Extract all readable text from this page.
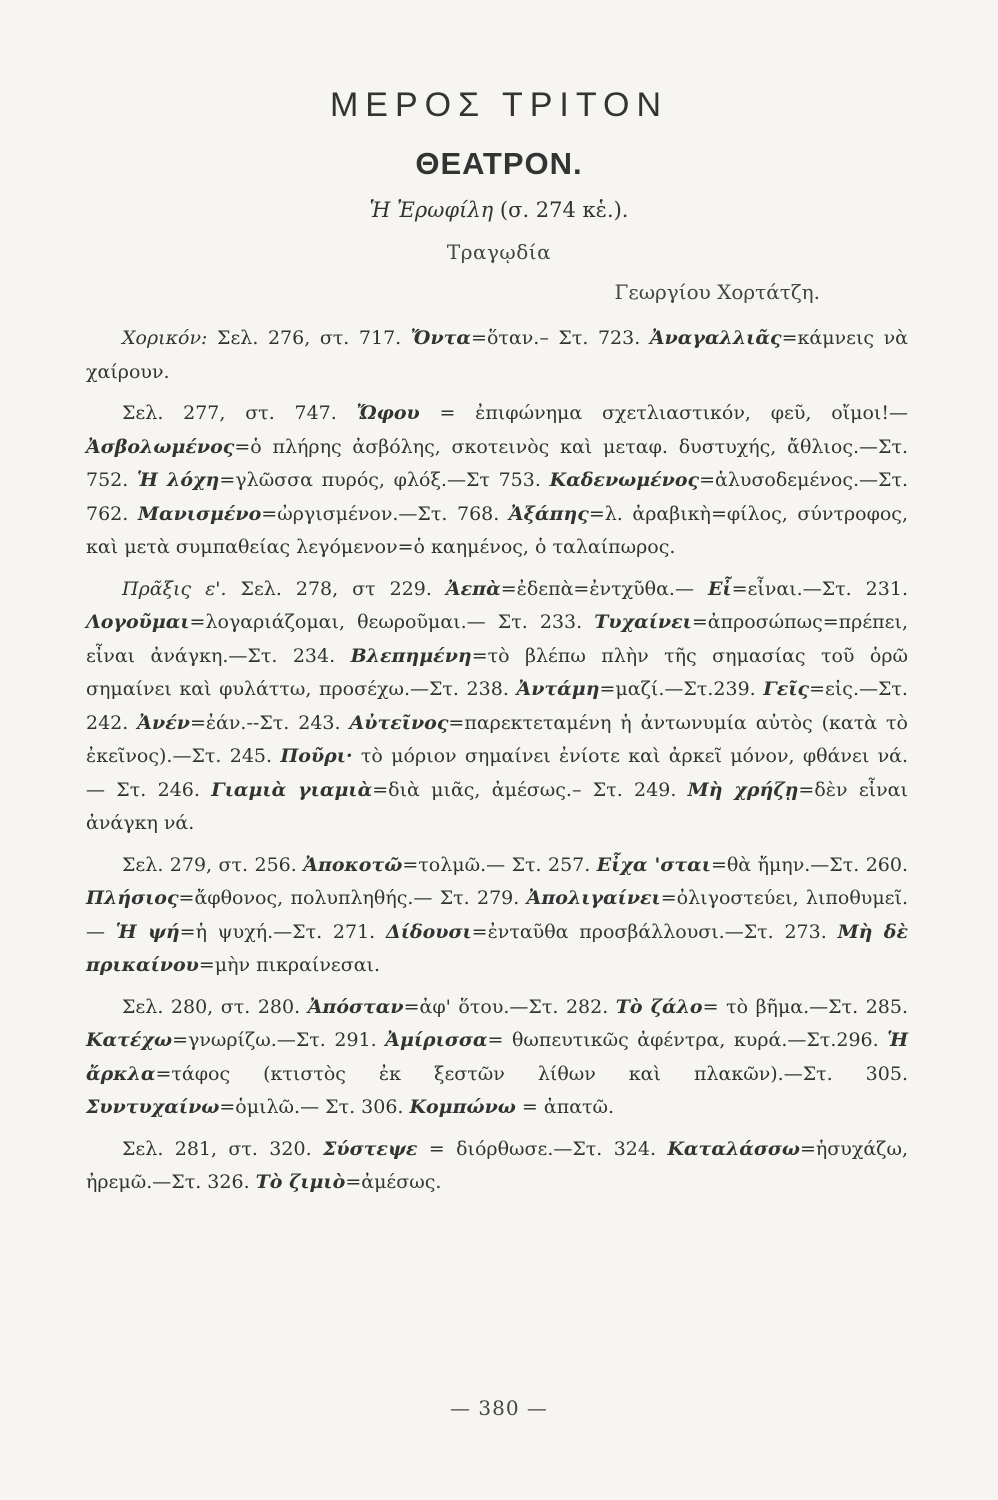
ΜΕΡΟΣ ΤΡΙΤΟΝ
ΘΕΑΤΡΟΝ.
Ἡ Ἐρωφίλη (σ. 274 κἑ.).
Τραγῳδία
Γεωργίου Χορτάτζη.

Χορικόν: Σελ. 276, στ. 717. Ὄντα=ὅταν.– Στ. 723. Ἀναγαλλιᾶς=κάμνεις νὰ χαίρουν.

Σελ. 277, στ. 747. Ὤφου = ἐπιφώνημα σχετλιαστικόν, φεῦ, οἴμοι!— Ἀσβολωμένος=ὁ πλήρης ἀσβόλης, σκοτεινὸς καὶ μεταφ. δυστυχής, ἄθλιος.—Στ. 752. Ἡ λόχη=γλῶσσα πυρός, φλόξ.—Στ 753. Καδενωμένος=ἁλυσοδεμένος.—Στ. 762. Μανισμένο=ὠργισμένον.—Στ. 768. Ἀξάπης=λ. ἀραβικὴ=φίλος, σύντροφος, καὶ μετὰ συμπαθείας λεγόμενον=ὁ καημένος, ὁ ταλαίπωρος.

Πρᾶξις ε'. Σελ. 278, στ 229. Ἀεπὰ=ἐδεπὰ=ἐντχῦθα.— Εἶ=εἶναι.—Στ. 231. Λογοῦμαι=λογαριάζομαι, θεωροῦμαι.— Στ. 233. Τυχαίνει=ἀπροσώπως=πρέπει, εἶναι ἀνάγκη.—Στ. 234. Βλεπημένη=τὸ βλέπω πλὴν τῆς σημασίας τοῦ ὁρῶ σημαίνει καὶ φυλάττω, προσέχω.—Στ. 238. Ἀντάμη=μαζί.—Στ.239. Γεῖς=εἰς.—Στ. 242. Ἀνέν=ἐάν.--Στ. 243. Αὐτεῖνος=παρεκτεταμένη ἡ ἀντωνυμία αὐτὸς (κατὰ τὸ ἐκεῖνος).—Στ. 245. Ποῦρι· τὸ μόριον σημαίνει ἐνίοτε καὶ ἀρκεῖ μόνον, φθάνει νά. — Στ. 246. Γιαμιὰ γιαμιὰ=διὰ μιᾶς, ἀμέσως.– Στ. 249. Μὴ χρήζῃ=δὲν εἶναι ἀνάγκη νά.

Σελ. 279, στ. 256. Ἀποκοτῶ=τολμῶ.— Στ. 257. Εἶχα 'σται=θὰ ἤμην.—Στ. 260. Πλήσιος=ἄφθονος, πολυπληθής.— Στ. 279. Ἀπολιγαίνει=ὀλιγοστεύει, λιποθυμεῖ.— Ἡ ψή=ἡ ψυχή.—Στ. 271. Δίδουσι=ἐνταῦθα προσβάλλουσι.—Στ. 273. Μὴ δὲ πρικαίνου=μὴν πικραίνεσαι.

Σελ. 280, στ. 280. Ἀπόσταν=ἀφ' ὅτου.—Στ. 282. Τὸ ζάλο= τὸ βῆμα.—Στ. 285. Κατέχω=γνωρίζω.—Στ. 291. Ἀμίρισσα= θωπευτικῶς ἀφέντρα, κυρά.—Στ.296. Ἡ ἄρκλα=τάφος (κτιστὸς ἐκ ξεστῶν λίθων καὶ πλακῶν).—Στ. 305. Συντυχαίνω=ὁμιλῶ.— Στ. 306. Κομπώνω = ἀπατῶ.

Σελ. 281, στ. 320. Σύστεψε = διόρθωσε.—Στ. 324. Καταλάσσω=ἡσυχάζω, ἠρεμῶ.—Στ. 326. Τὸ ζιμιὸ=ἀμέσως.

— 380 —
